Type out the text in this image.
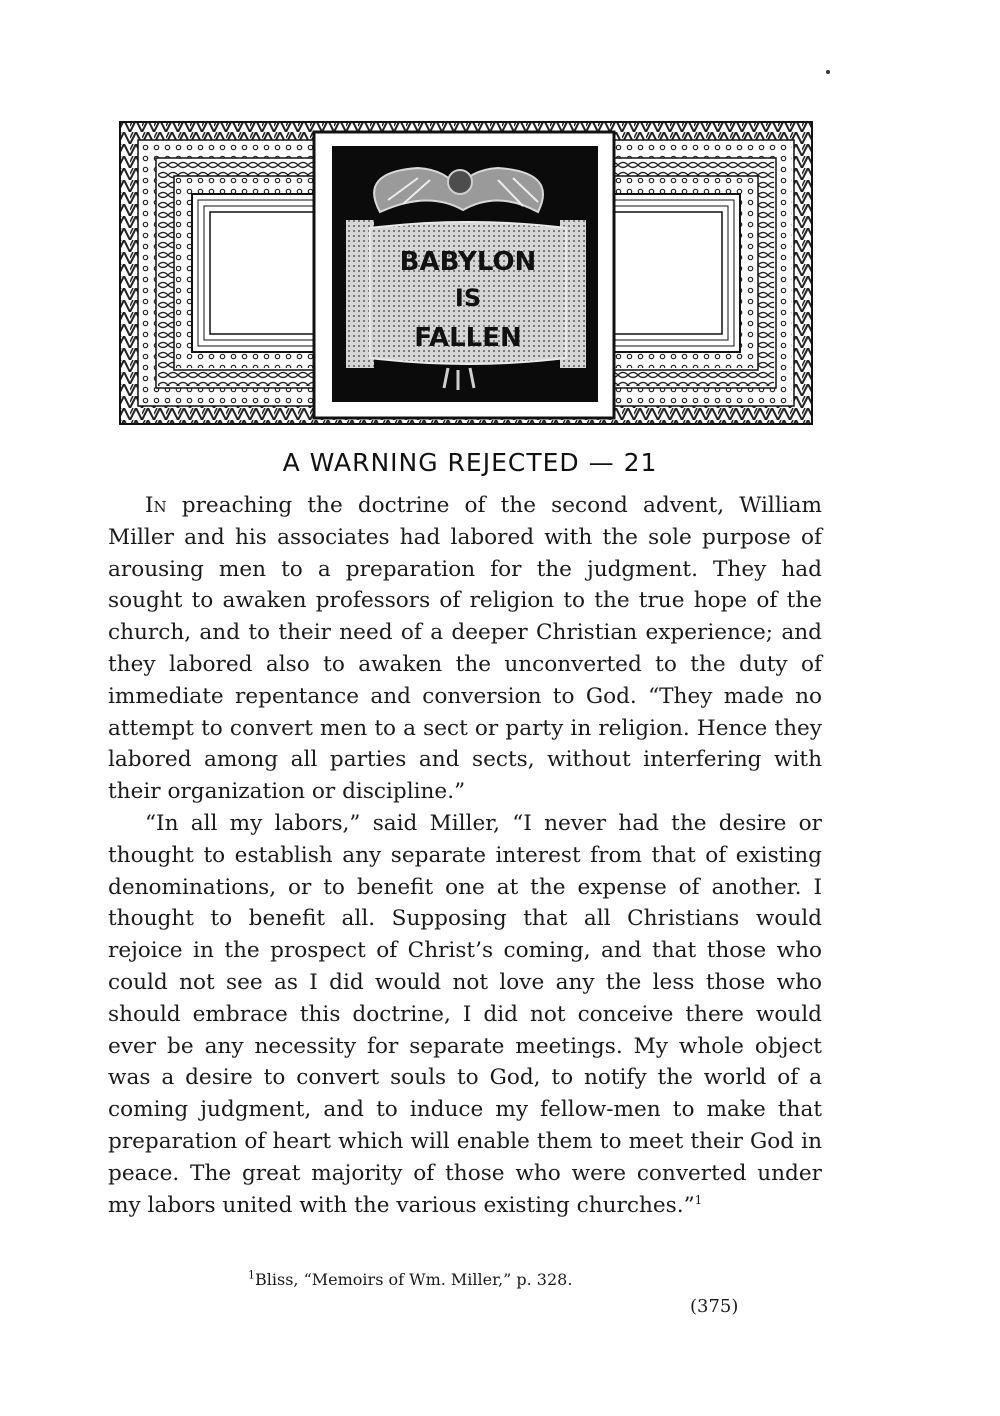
BABYLON
IS
FALLEN
A WARNING REJECTED — 21

In preaching the doctrine of the second advent, William Miller and his associates had labored with the sole purpose of arousing men to a preparation for the judgment. They had sought to awaken professors of religion to the true hope of the church, and to their need of a deeper Christian experience; and they labored also to awaken the unconverted to the duty of immediate repentance and conversion to God. “They made no attempt to convert men to a sect or party in religion. Hence they labored among all parties and sects, without interfering with their organization or discipline.”

“In all my labors,” said Miller, “I never had the desire or thought to establish any separate interest from that of existing denominations, or to benefit one at the expense of another. I thought to benefit all. Supposing that all Christians would rejoice in the prospect of Christ’s coming, and that those who could not see as I did would not love any the less those who should embrace this doctrine, I did not conceive there would ever be any necessity for separate meetings. My whole object was a desire to convert souls to God, to notify the world of a coming judgment, and to induce my fellow-men to make that preparation of heart which will enable them to meet their God in peace. The great majority of those who were converted under my labors united with the various existing churches.”$^1$

$^1$Bliss, “Memoirs of Wm. Miller,” p. 328.
(375)
